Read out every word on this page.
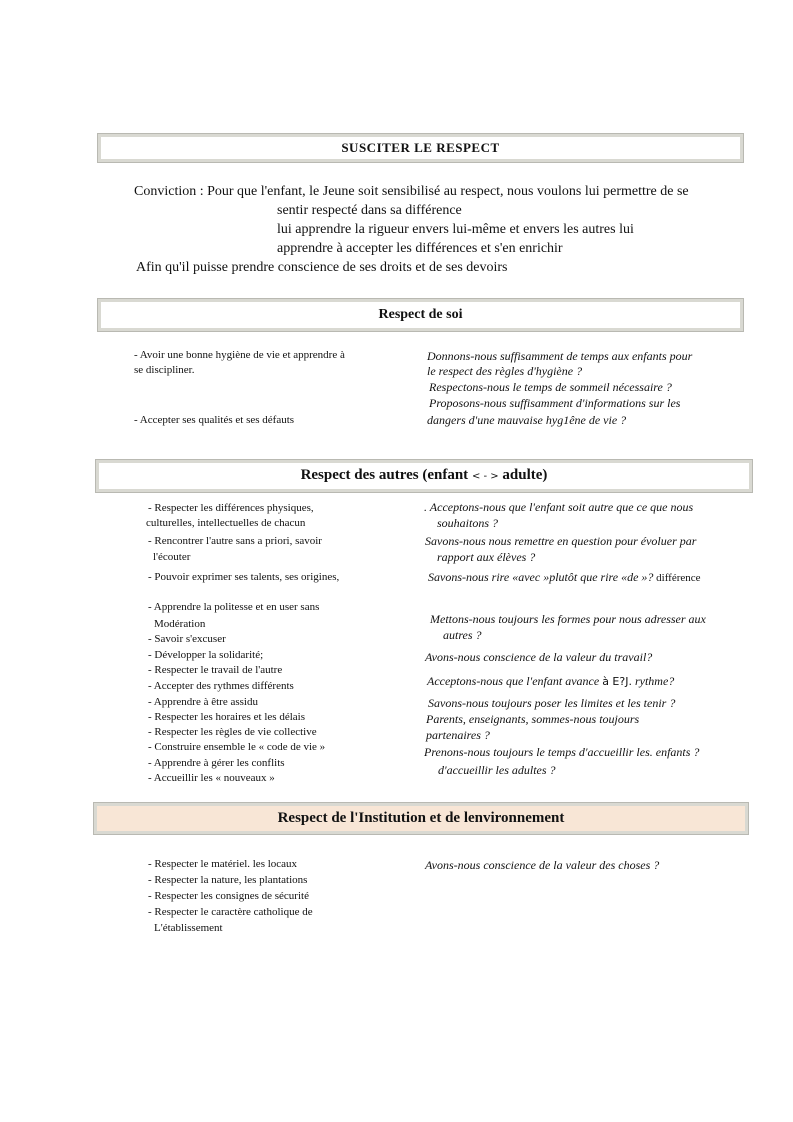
SUSCITER LE RESPECT
Conviction : Pour que l'enfant, le Jeune soit sensibilisé au respect, nous voulons lui permettre de se
sentir respecté dans sa différence
lui apprendre la rigueur envers lui-même et envers les autres lui
apprendre à accepter les différences et s'en enrichir
Afin qu'il puisse prendre conscience de ses droits et de ses devoirs
Respect de soi
- Avoir une bonne hygiène de vie et apprendre à
se discipliner.
- Accepter ses qualités et ses défauts
Donnons-nous suffisamment de temps aux enfants pour
le respect des règles d'hygiène ?
Respectons-nous le temps de sommeil nécessaire ?
Proposons-nous suffisamment d'informations sur les
dangers d'une mauvaise hyg1êne de vie ?
Respect des autres (enfant < - > adulte)
- Respecter les différences physiques,
culturelles, intellectuelles de chacun
- Rencontrer l'autre sans a priori, savoir
l'écouter
- Pouvoir exprimer ses talents, ses origines,
- Apprendre la politesse et en user sans
Modération
- Savoir s'excuser
- Développer la solidarité;
- Respecter le travail de l'autre
- Accepter des rythmes différents
- Apprendre à être assidu
- Respecter les horaires et les délais
- Respecter les règles de vie collective
- Construire ensemble le « code de vie »
- Apprendre à gérer les conflits
- Accueillir les « nouveaux »
. Acceptons-nous que l'enfant soit autre que ce que nous
souhaitons ?
Savons-nous nous remettre en question pour évoluer par
rapport aux élèves ?
Savons-nous rire «avec »plutôt que rire «de »? différence
Mettons-nous toujours les formes pour nous adresser aux
autres ?
Avons-nous conscience de la valeur du travail?
Acceptons-nous que l'enfant avance à E?J. rythme?
Savons-nous toujours poser les limites et les tenir ?
Parents, enseignants, sommes-nous toujours
partenaires ?
Prenons-nous toujours le temps d'accueillir les. enfants ?
d'accueillir les adultes ?
Respect de l'Institution et de lenvironnement
- Respecter le matériel. les locaux
- Respecter la nature, les plantations
- Respecter les consignes de sécurité
- Respecter le caractère catholique de
L'établissement
Avons-nous conscience de la valeur des choses ?
